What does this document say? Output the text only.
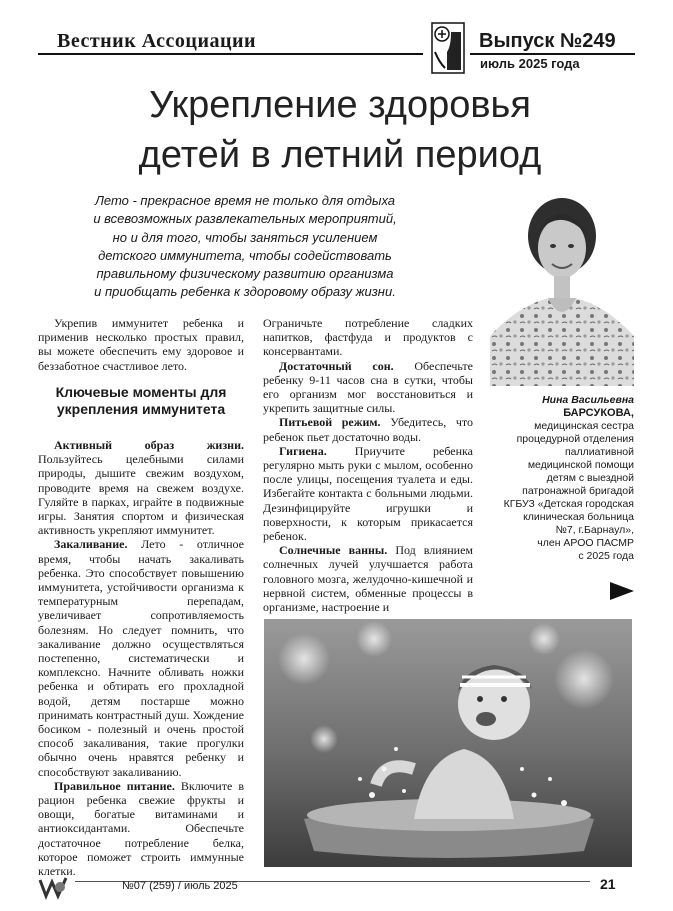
Вестник Ассоциации	Выпуск №249
июль 2025 года
Укрепление здоровья
детей в летний период
Лето - прекрасное время не только для отдыха
и всевозможных развлекательных мероприятий,
но и для того, чтобы заняться усилением
детского иммунитета, чтобы содействовать
правильному физическому развитию организма
и приобщать ребенка к здоровому образу жизни.
Нина Васильевна
БАРСУКОВА,
медицинская сестра
процедурной отделения
паллиативной
медицинской помощи
детям с выездной
патронажной бригадой
КГБУЗ «Детская городская
клиническая больница
№7, г.Барнаул»,
член АРОО ПАСМР
с 2025 года

Укрепив иммунитет ребенка и применив несколько простых правил, вы можете обеспечить ему здоровое и беззаботное счастливое лето.

Ключевые моменты для укрепления иммунитета

Активный образ жизни. Пользуйтесь целебными силами природы, дышите свежим воздухом, проводите время на свежем воздухе. Гуляйте в парках, играйте в подвижные игры. Занятия спортом и физическая активность укрепляют иммунитет.

Закаливание. Лето - отличное время, чтобы начать закаливать ребенка. Это способствует повышению иммунитета, устойчивости организма к температурным перепадам, увеличивает сопротивляемость болезням. Но следует помнить, что закаливание должно осуществляться постепенно, систематически и комплексно. Начните обливать ножки ребенка и обтирать его прохладной водой, детям постарше можно принимать контрастный душ. Хождение босиком - полезный и очень простой способ закаливания, такие прогулки обычно очень нравятся ребенку и способствуют закаливанию.

Правильное питание. Включите в рацион ребенка свежие фрукты и овощи, богатые витаминами и антиоксидантами. Обеспечьте достаточное потребление белка, которое поможет строить иммунные клетки.

Ограничьте потребление сладких напитков, фастфуда и продуктов с консервантами.

Достаточный сон. Обеспечьте ребенку 9-11 часов сна в сутки, чтобы его организм мог восстановиться и укрепить защитные силы.

Питьевой режим. Убедитесь, что ребенок пьет достаточно воды.

Гигиена. Приучите ребенка регулярно мыть руки с мылом, особенно после улицы, посещения туалета и еды. Избегайте контакта с больными людьми. Дезинфицируйте игрушки и поверхности, к которым прикасается ребенок.

Солнечные ванны. Под влиянием солнечных лучей улучшается работа головного мозга, желудочно-кишечной и нервной систем, обменные процессы в организме, настроение и

№07 (259) / июль 2025	21
